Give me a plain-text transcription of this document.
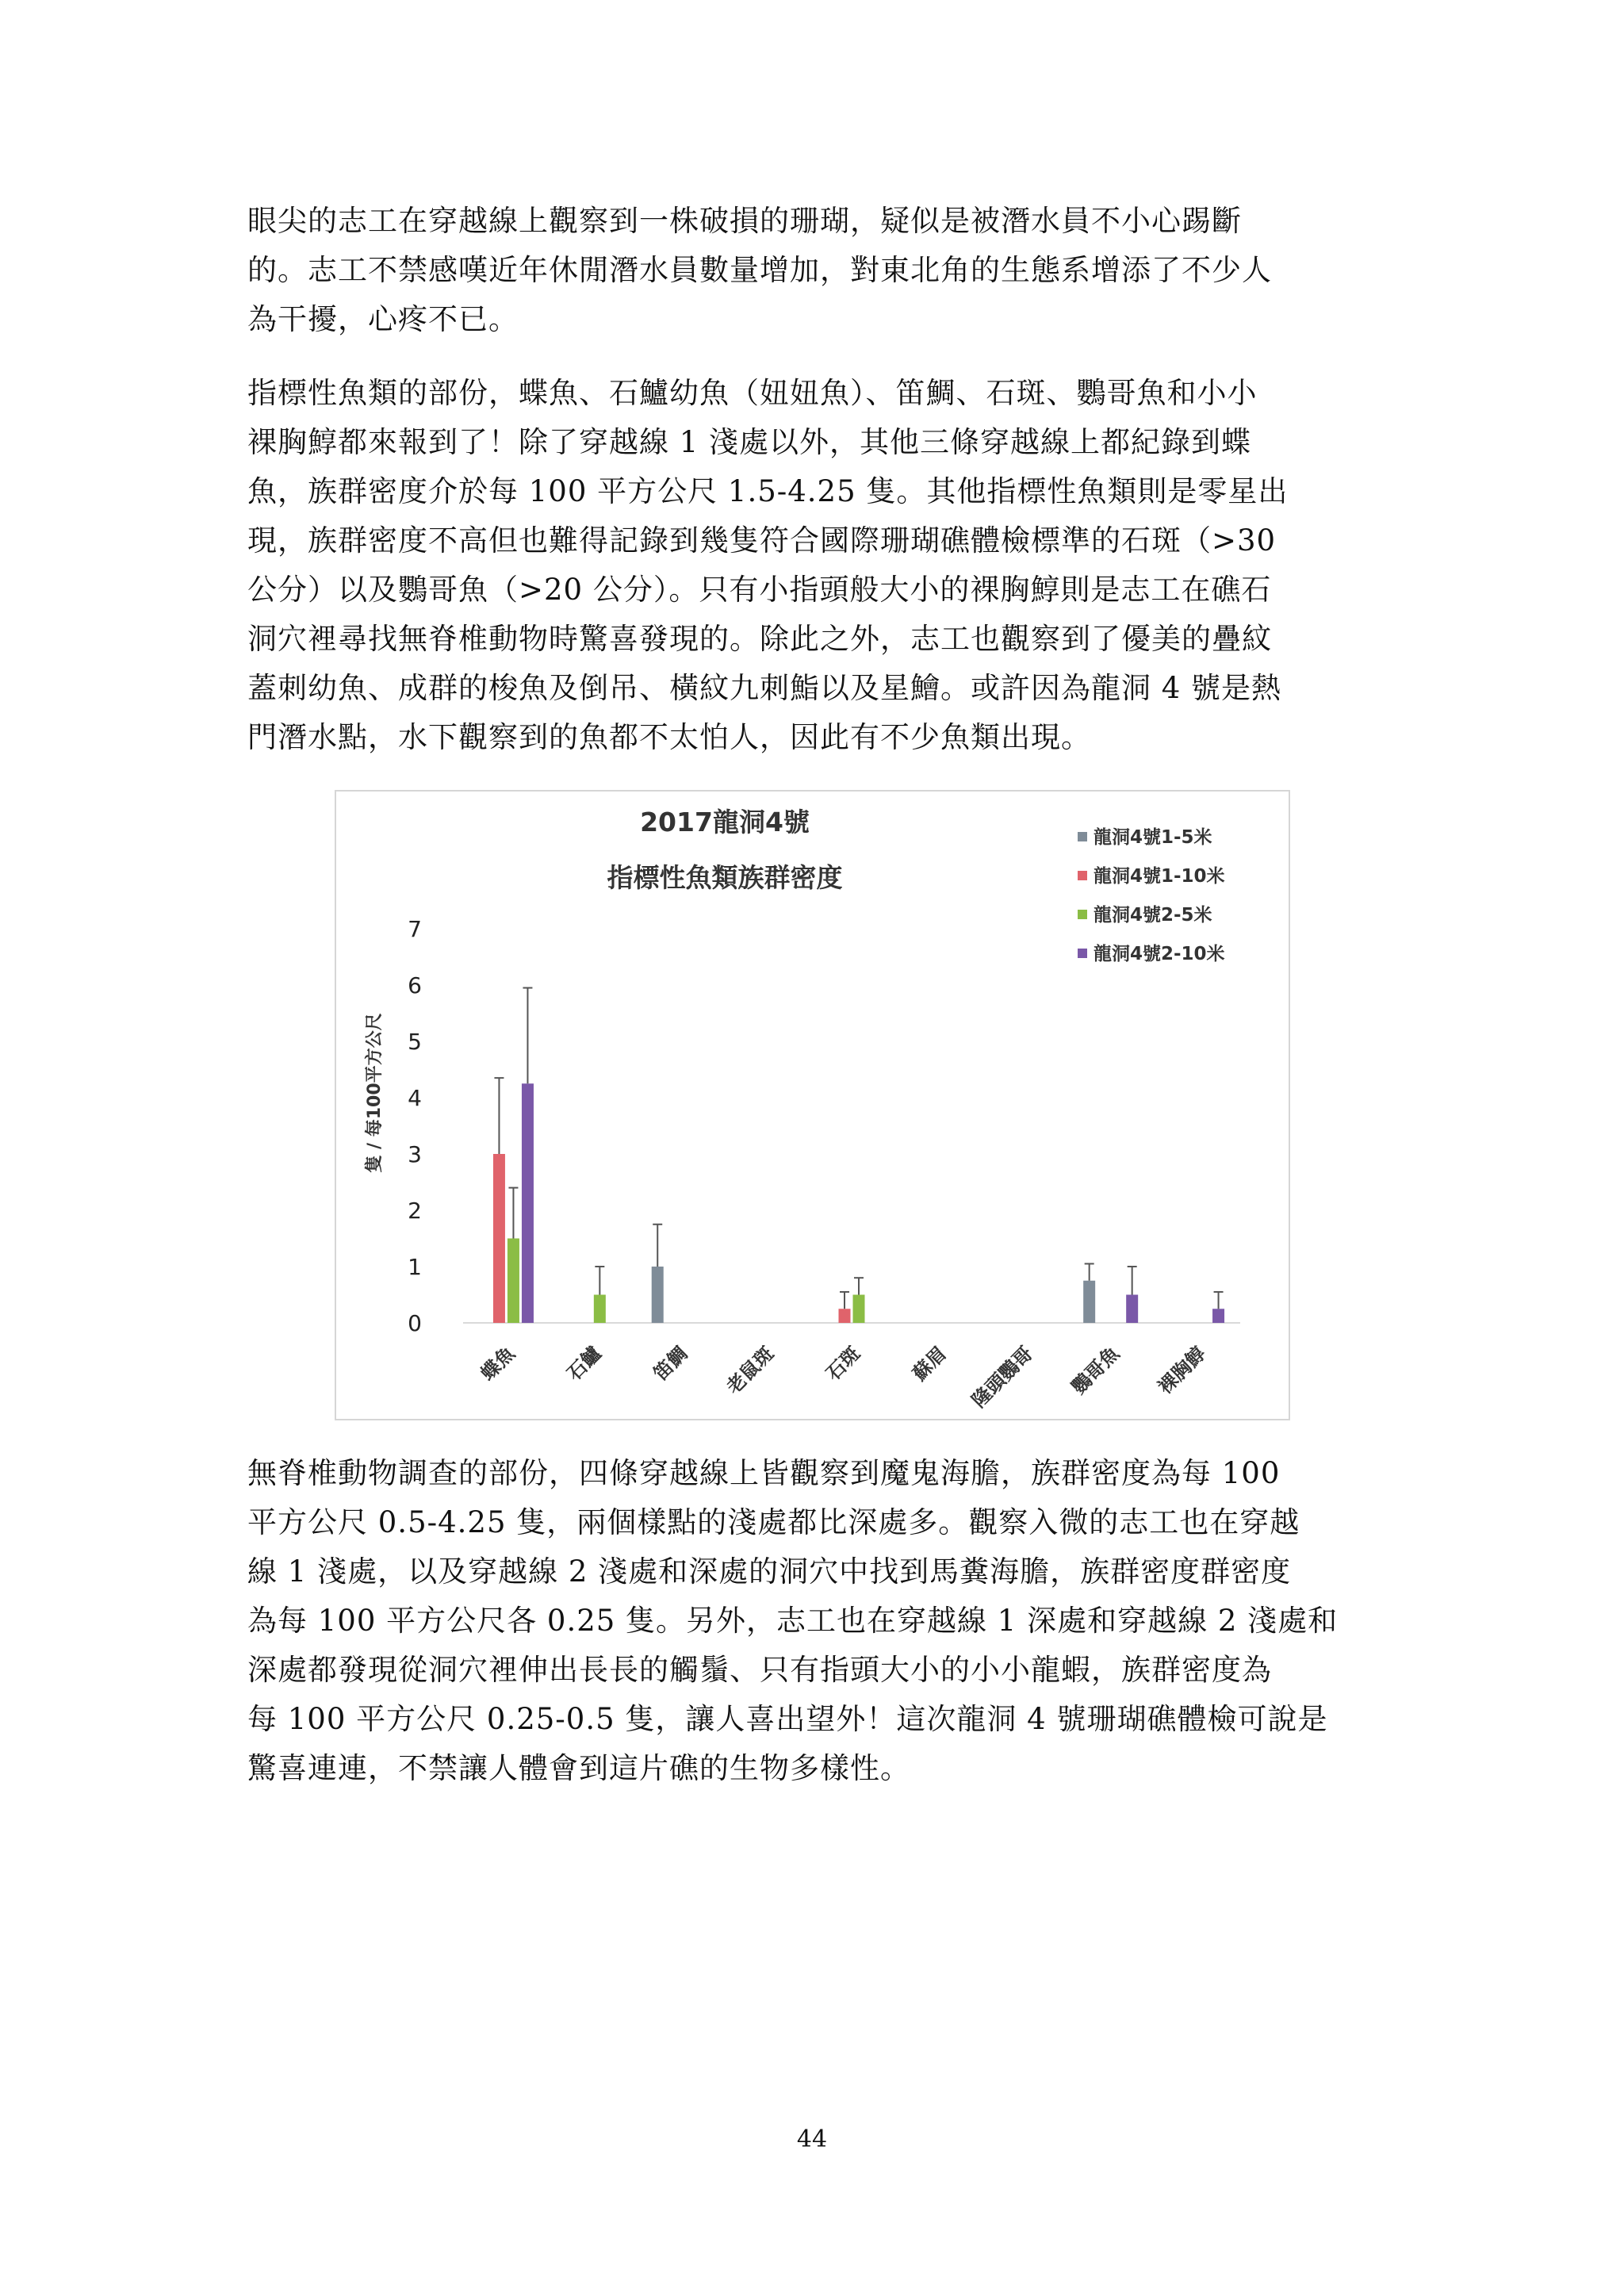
眼尖的志工在穿越線上觀察到一株破損的珊瑚，疑似是被潛水員不小心踢斷
的。志工不禁感嘆近年休閒潛水員數量增加，對東北角的生態系增添了不少人
為干擾，心疼不已。

指標性魚類的部份，蝶魚、石鱸幼魚（妞妞魚）、笛鯛、石斑、鸚哥魚和小小
裸胸鯙都來報到了！除了穿越線 1 淺處以外，其他三條穿越線上都紀錄到蝶
魚，族群密度介於每 100 平方公尺 1.5-4.25 隻。其他指標性魚類則是零星出
現，族群密度不高但也難得記錄到幾隻符合國際珊瑚礁體檢標準的石斑（>30
公分）以及鸚哥魚（>20 公分）。只有小指頭般大小的裸胸鯙則是志工在礁石
洞穴裡尋找無脊椎動物時驚喜發現的。除此之外，志工也觀察到了優美的疊紋
蓋刺幼魚、成群的梭魚及倒吊、橫紋九刺鮨以及星鱠。或許因為龍洞 4 號是熱
門潛水點，水下觀察到的魚都不太怕人，因此有不少魚類出現。

2017龍洞4號
指標性魚類族群密度
隻 / 每100平方公尺
0
1
2
3
4
5
6
7
蝶魚 石鱸 笛鯛 老鼠斑 石斑 蘇眉 隆頭鸚哥 鸚哥魚 裸胸鯙
龍洞4號1-5米
龍洞4號1-10米
龍洞4號2-5米
龍洞4號2-10米

無脊椎動物調查的部份，四條穿越線上皆觀察到魔鬼海膽，族群密度為每 100
平方公尺 0.5-4.25 隻，兩個樣點的淺處都比深處多。觀察入微的志工也在穿越
線 1 淺處，以及穿越線 2 淺處和深處的洞穴中找到馬糞海膽，族群密度群密度
為每 100 平方公尺各 0.25 隻。另外，志工也在穿越線 1 深處和穿越線 2 淺處和
深處都發現從洞穴裡伸出長長的觸鬚、只有指頭大小的小小龍蝦，族群密度為
每 100 平方公尺 0.25-0.5 隻，讓人喜出望外！這次龍洞 4 號珊瑚礁體檢可說是
驚喜連連，不禁讓人體會到這片礁的生物多樣性。

44
